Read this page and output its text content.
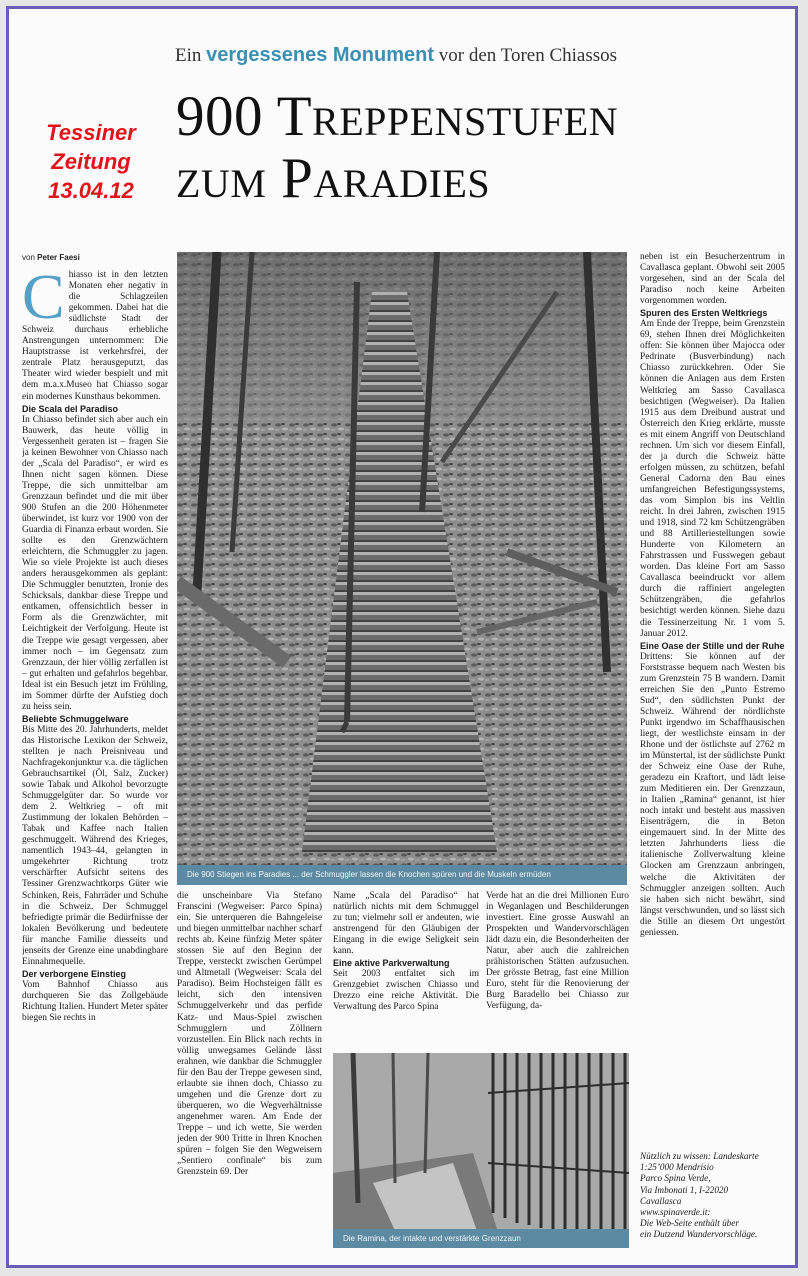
Ein vergessenes Monument vor den Toren Chiassos
900 Treppenstufen
zum Paradies
Tessiner
Zeitung
13.04.12
von Peter Faesi

Chiasso ist in den letzten Monaten eher negativ in die Schlagzeilen gekommen. Dabei hat die südlichste Stadt der Schweiz durchaus erhebliche Anstrengungen unternommen: Die Hauptstrasse ist verkehrsfrei, der zentrale Platz herausgeputzt, das Theater wird wieder bespielt und mit dem m.a.x.Museo hat Chiasso sogar ein modernes Kunsthaus bekommen.

Die Scala del Paradiso

In Chiasso befindet sich aber auch ein Bauwerk, das heute völlig in Vergessenheit geraten ist – fragen Sie ja keinen Bewohner von Chiasso nach der „Scala del Paradiso“, er wird es Ihnen nicht sagen können. Diese Treppe, die sich unmittelbar am Grenzzaun befindet und die mit über 900 Stufen an die 200 Höhenmeter überwindet, ist kurz vor 1900 von der Guardia di Finanza erbaut worden. Sie sollte es den Grenzwächtern erleichtern, die Schmuggler zu jagen. Wie so viele Projekte ist auch dieses anders herausgekommen als geplant: Die Schmuggler benutzten, Ironie des Schicksals, dankbar diese Treppe und entkamen, offensichtlich besser in Form als die Grenzwächter, mit Leichtigkeit der Verfolgung. Heute ist die Treppe wie gesagt vergessen, aber immer noch – im Gegensatz zum Grenzzaun, der hier völlig zerfallen ist – gut erhalten und gefahrlos begehbar. Ideal ist ein Besuch jetzt im Frühling, im Sommer dürfte der Aufstieg doch zu heiss sein.

Beliebte Schmuggelware

Bis Mitte des 20. Jahrhunderts, meldet das Historische Lexikon der Schweiz, stellten je nach Preisniveau und Nachfragekonjunktur v.a. die täglichen Gebrauchsartikel (Öl, Salz, Zucker) sowie Tabak und Alkohol bevorzugte Schmuggelgüter dar. So wurde vor dem 2. Weltkrieg – oft mit Zustimmung der lokalen Behörden – Tabak und Kaffee nach Italien geschmuggelt. Während des Krieges, namentlich 1943–44, gelangten in umgekehrter Richtung trotz verschärfter Aufsicht seitens des Tessiner Grenzwachtkorps Güter wie Schinken, Reis, Fahrräder und Schuhe in die Schweiz. Der Schmuggel befriedigte primär die Bedürfnisse der lokalen Bevölkerung und bedeutete für manche Familie diesseits und jenseits der Grenze eine unabdingbare Einnahmequelle.

Der verborgene Einstieg

Vom Bahnhof Chiasso aus durchqueren Sie das Zollgebäude Richtung Italien. Hundert Meter später biegen Sie rechts in

Die 900 Stiegen ins Paradies ... der Schmuggler lassen die Knochen spüren und die Muskeln ermüden

die unscheinbare Via Stefano Franscini (Wegweiser: Parco Spina) ein. Sie unterqueren die Bahngeleise und biegen unmittelbar nachher scharf rechts ab. Keine fünfzig Meter später stossen Sie auf den Beginn der Treppe, versteckt zwischen Gerümpel und Altmetall (Wegweiser: Scala del Paradiso). Beim Hochsteigen fällt es leicht, sich den intensiven Schmuggelverkehr und das perfide Katz- und Maus-Spiel zwischen Schmugglern und Zöllnern vorzustellen. Ein Blick nach rechts in völlig unwegsames Gelände lässt erahnen, wie dankbar die Schmuggler für den Bau der Treppe gewesen sind, erlaubte sie ihnen doch, Chiasso zu umgehen und die Grenze dort zu überqueren, wo die Wegverhältnisse angenehmer waren. Am Ende der Treppe – und ich wette, Sie werden jeden der 900 Tritte in Ihren Knochen spüren – folgen Sie den Wegweisern „Sentiero confinale“ bis zum Grenzstein 69. Der

Name „Scala del Paradiso“ hat natürlich nichts mit dem Schmuggel zu tun; vielmehr soll er andeuten, wie anstrengend für den Gläubigen der Eingang in die ewige Seligkeit sein kann.

Eine aktive Parkverwaltung

Seit 2003 entfaltet sich im Grenzgebiet zwischen Chiasso und Drezzo eine reiche Aktivität. Die Verwaltung des Parco Spina

Verde hat an die drei Millionen Euro in Weganlagen und Beschilderungen investiert. Eine grosse Auswahl an Prospekten und Wandervorschlägen lädt dazu ein, die Besonderheiten der Natur, aber auch die zahlreichen prähistorischen Stätten aufzusuchen. Der grösste Betrag, fast eine Million Euro, steht für die Renovierung der Burg Baradello bei Chiasso zur Verfügung, da-

Die Ramina, der intakte und verstärkte Grenzzaun

neben ist ein Besucherzentrum in Cavallasca geplant. Obwohl seit 2005 vorgesehen, sind an der Scala del Paradiso noch keine Arbeiten vorgenommen worden.

Spuren des Ersten Weltkriegs

Am Ende der Treppe, beim Grenzstein 69, stehen Ihnen drei Möglichkeiten offen: Sie können über Majocca oder Pedrinate (Busverbindung) nach Chiasso zurückkehren. Oder Sie können die Anlagen aus dem Ersten Weltkrieg am Sasso Cavallasca besichtigen (Wegweiser). Da Italien 1915 aus dem Dreibund austrat und Österreich den Krieg erklärte, musste es mit einem Angriff von Deutschland rechnen. Um sich vor diesem Einfall, der ja durch die Schweiz hätte erfolgen müssen, zu schützen, befahl General Cadorna den Bau eines umfangreichen Befestigungssystems, das vom Simplon bis ins Veltlin reicht. In drei Jahren, zwischen 1915 und 1918, sind 72 km Schützengräben und 88 Artilleriestellungen sowie Hunderte von Kilometern an Fahrstrassen und Fusswegen gebaut worden. Das kleine Fort am Sasso Cavallasca beeindruckt vor allem durch die raffiniert angelegten Schützengräben, die gefahrlos besichtigt werden können. Siehe dazu die Tessinerzeitung Nr. 1 vom 5. Januar 2012.

Eine Oase der Stille und der Ruhe

Drittens: Sie können auf der Forststrasse bequem nach Westen bis zum Grenzstein 75 B wandern. Damit erreichen Sie den „Punto Estremo Sud“, den südlichsten Punkt der Schweiz. Während der nördlichste Punkt irgendwo im Schaffhausischen liegt, der westlichste einsam in der Rhone und der östlichste auf 2762 m im Münstertal, ist der südlichste Punkt der Schweiz eine Oase der Ruhe, geradezu ein Kraftort, und lädt leise zum Meditieren ein. Der Grenzzaun, in Italien „Ramina“ genannt, ist hier noch intakt und besteht aus massiven Eisenträgern, die in Beton eingemauert sind. In der Mitte des letzten Jahrhunderts liess die italienische Zollverwaltung kleine Glocken am Grenzzaun anbringen, welche die Aktivitäten der Schmuggler anzeigen sollten. Auch sie haben sich nicht bewährt, sind längst verschwunden, und so lässt sich die Stille an diesem Ort ungestört geniessen.

Nützlich zu wissen: Landeskarte

1:25’000 Mendrisio

Parco Spina Verde,

Via Imbonati 1, I-22020

Cavallasca

www.spinaverde.it:

Die Web-Seite enthält über

ein Dutzend Wandervorschläge.
